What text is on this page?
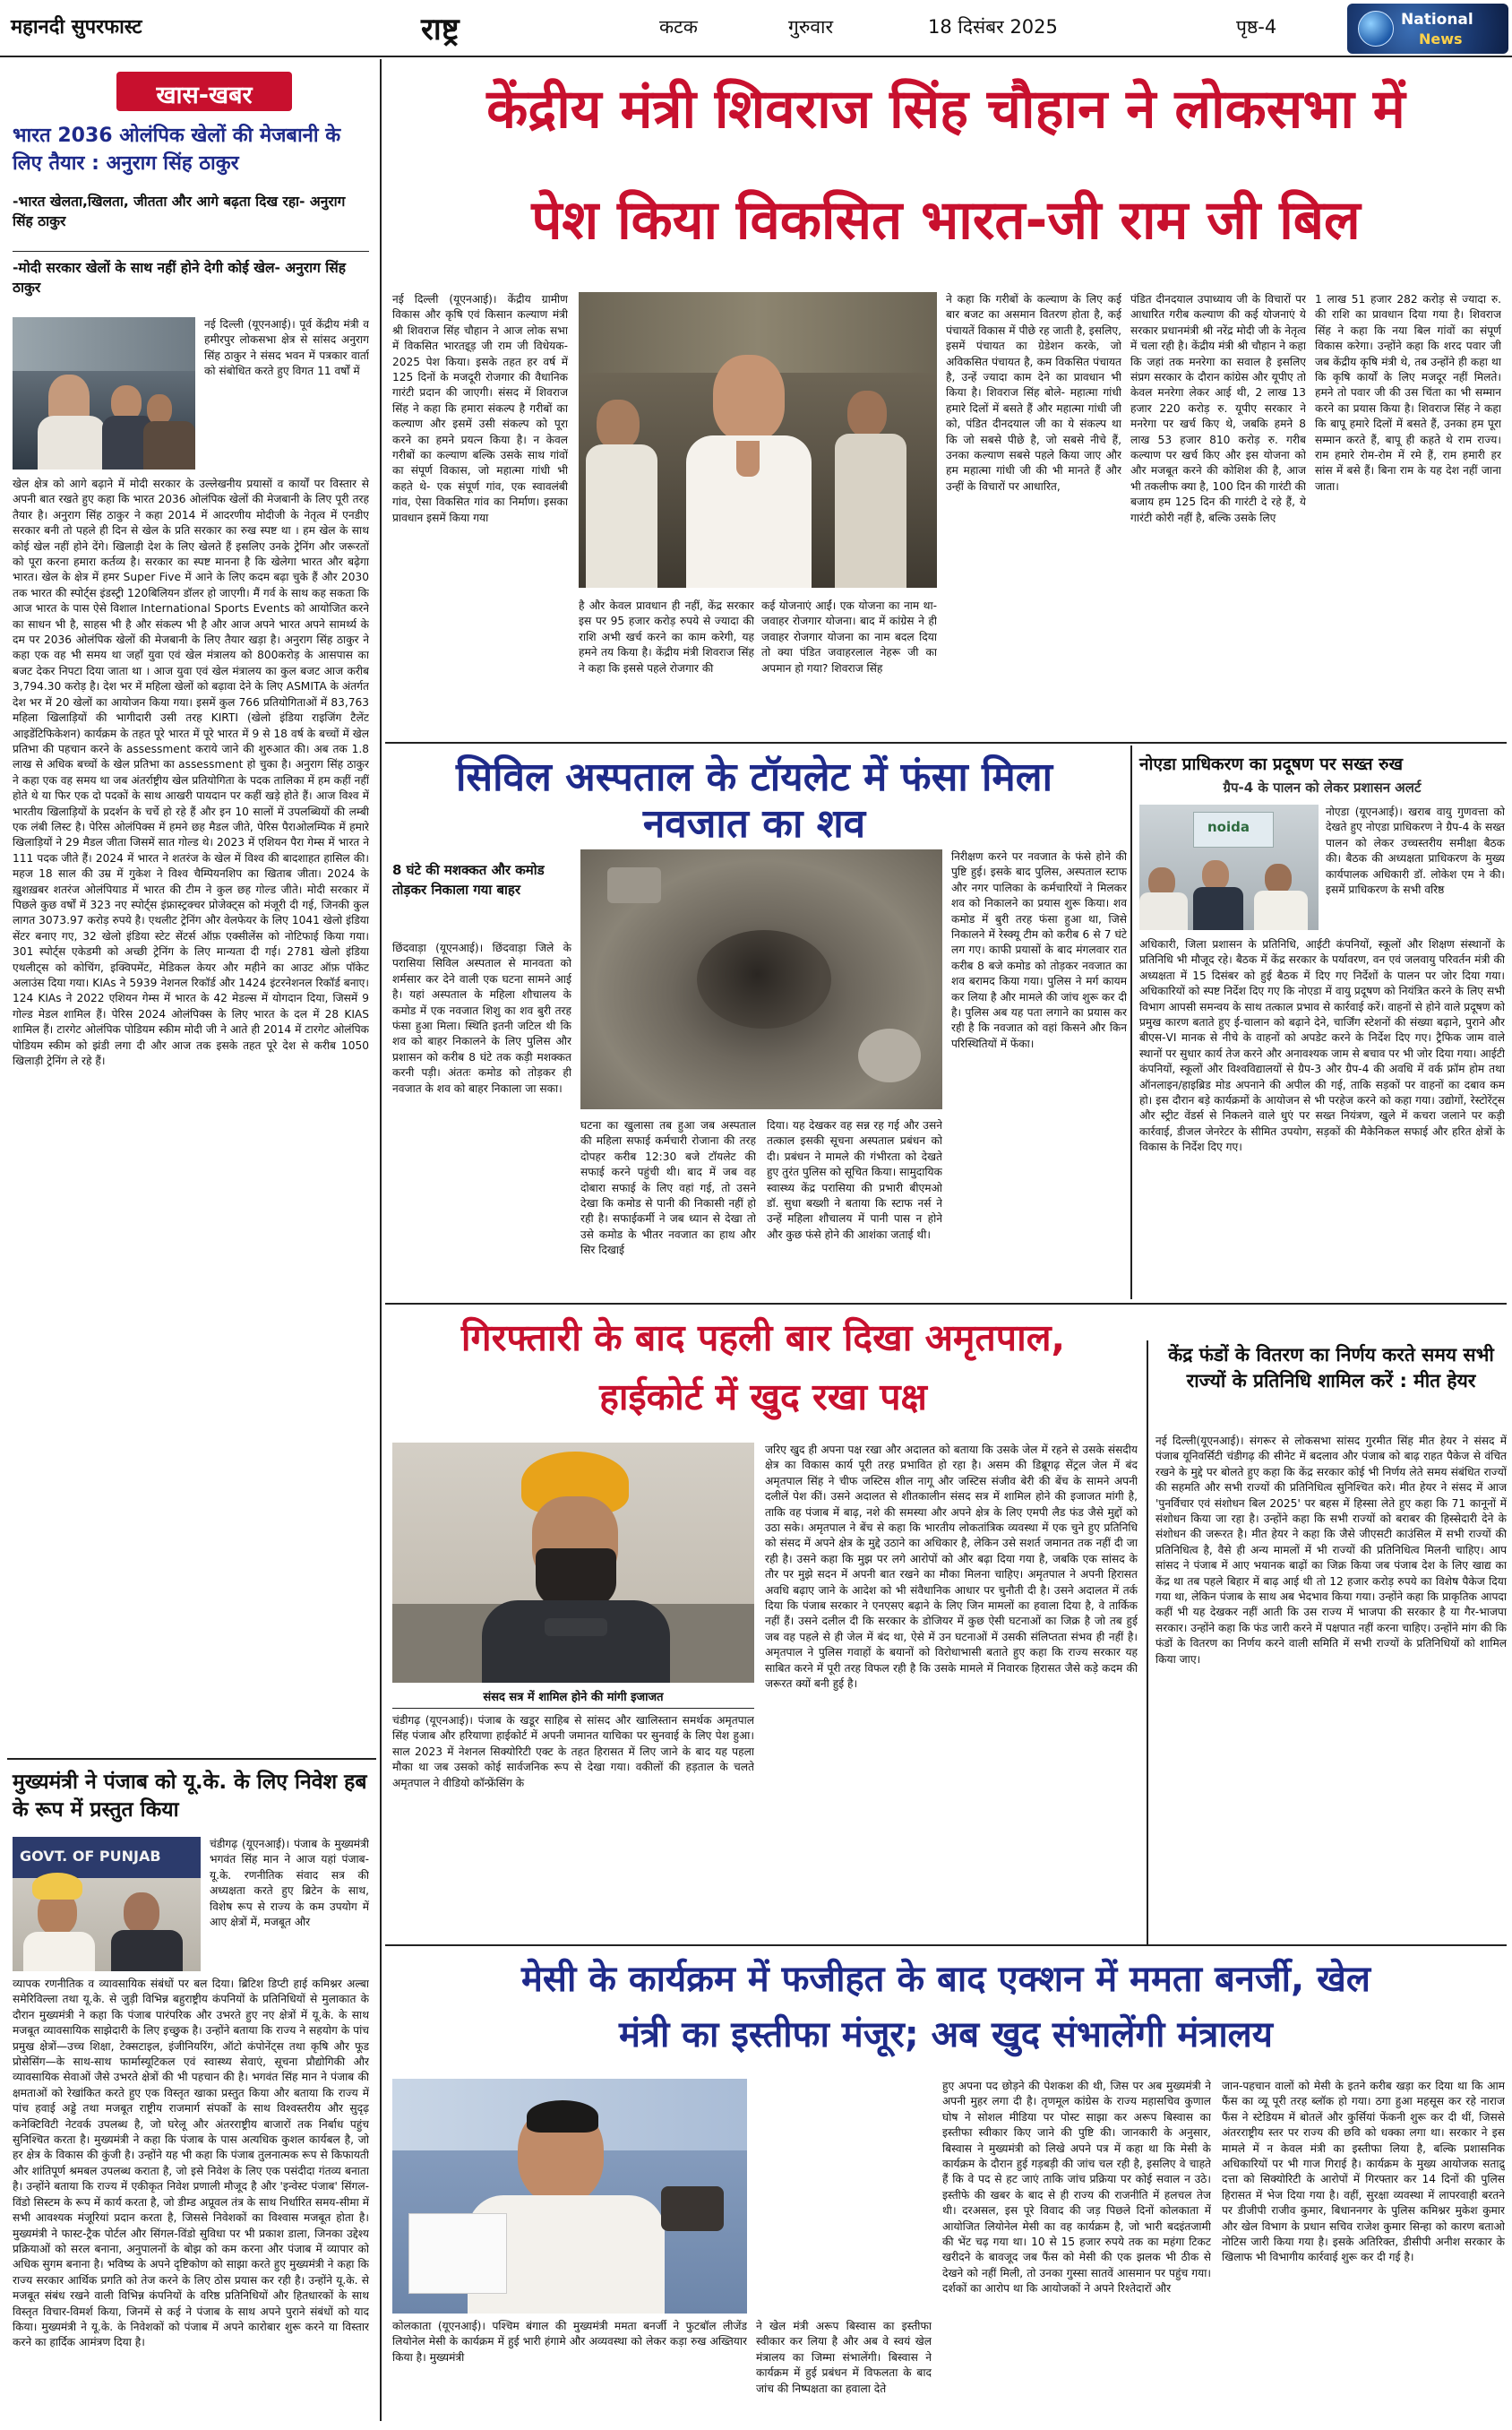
महानदी सुपरफास्ट	राष्ट्र	कटक	गुरुवार	18 दिसंबर 2025	पृष्ठ-4	National
News
खास-खबर
भारत 2036 ओलंपिक खेलों की मेजबानी के लिए तैयार : अनुराग सिंह ठाकुर
-भारत खेलता,खिलता, जीतता और आगे बढ़ता दिख रहा- अनुराग सिंह ठाकुर
-मोदी सरकार खेलों के साथ नहीं होने देगी कोई खेल- अनुराग सिंह ठाकुर
नई दिल्ली (यूएनआई)। पूर्व केंद्रीय मंत्री व हमीरपुर लोकसभा क्षेत्र से सांसद अनुराग सिंह ठाकुर ने संसद भवन में पत्रकार वार्ता को संबोधित करते हुए विगत 11 वर्षों में
खेल क्षेत्र को आगे बढ़ाने में मोदी सरकार के उल्लेखनीय प्रयासों व कार्यों पर विस्तार से अपनी बात रखते हुए कहा कि भारत 2036 ओलंपिक खेलों की मेजबानी के लिए पूरी तरह तैयार है। अनुराग सिंह ठाकुर ने कहा 2014 में आदरणीय मोदीजी के नेतृत्व में एनडीए सरकार बनी तो पहले ही दिन से खेल के प्रति सरकार का रुख स्पष्ट था । हम खेल के साथ कोई खेल नहीं होने देंगे। खिलाड़ी देश के लिए खेलते हैं इसलिए उनके ट्रेनिंग और जरूरतों को पूरा करना हमारा कर्तव्य है। सरकार का स्पष्ट मानना है कि खेलेगा भारत और बढ़ेगा भारत। खेल के क्षेत्र में हमर Super Five में आने के लिए कदम बढ़ा चुके हैं और 2030 तक भारत की स्पोर्ट्स इंडस्ट्री 120बिलियन डॉलर हो जाएगी। मैं गर्व के साथ कह सकता कि आज भारत के पास ऐसे विशाल International Sports Events को आयोजित करने का साधन भी है, साहस भी है और संकल्प भी है और आज अपने भारत अपने सामर्थ्य के दम पर 2036 ओलंपिक खेलों की मेजबानी के लिए तैयार खड़ा है। अनुराग सिंह ठाकुर ने कहा एक वह भी समय था जहाँ युवा एवं खेल मंत्रालय को 800करोड़ के आसपास का बजट देकर निपटा दिया जाता था । आज युवा एवं खेल मंत्रालय का कुल बजट आज करीब 3,794.30 करोड़ है। देश भर में महिला खेलों को बढ़ावा देने के लिए ASMITA के अंतर्गत देश भर में 20 खेलों का आयोजन किया गया। इसमें कुल 766 प्रतियोगिताओं में 83,763 महिला खिलाड़ियों की भागीदारी उसी तरह KIRTI (खेलो इंडिया राइजिंग टैलेंट आइडेंटिफिकेशन) कार्यक्रम के तहत पूरे भारत में पूरे भारत में 9 से 18 वर्ष के बच्चों में खेल प्रतिभा की पहचान करने के assessment कराये जाने की शुरुआत की। अब तक 1.8 लाख से अधिक बच्चों के खेल प्रतिभा का assessment हो चुका है। अनुराग सिंह ठाकुर ने कहा एक वह समय था जब अंतर्राष्ट्रीय खेल प्रतियोगिता के पदक तालिका में हम कहीं नहीं होते थे या फिर एक दो पदकों के साथ आखरी पायदान पर कहीं खड़े होते हैं। आज विश्व में भारतीय खिलाड़ियों के प्रदर्शन के चर्चे हो रहे हैं और इन 10 सालों में उपलब्धियों की लम्बी एक लंबी लिस्ट है। पेरिस ओलंपिक्स में हमने छह मैडल जीते, पेरिस पैराओलम्पिक में हमारे खिलाड़ियों ने 29 मैडल जीता जिसमें सात गोल्ड थे। 2023 में एशियन पैरा गेम्स में भारत ने 111 पदक जीते हैं। 2024 में भारत ने शतरंज के खेल में विश्व की बादशाहत हासिल की। महज 18 साल की उम्र में गुकेश ने विश्व चैम्पियनशिप का खिताब जीता। 2024 के ख़ुशख़बर शतरंज ओलंपियाड में भारत की टीम ने कुल छह गोल्ड जीते। मोदी सरकार में पिछले कुछ वर्षों में 323 नए स्पोर्ट्स इंफ्रास्ट्रक्चर प्रोजेक्ट्स को मंजूरी दी गई, जिनकी कुल लागत 3073.97 करोड़ रुपये है। एथलीट ट्रेनिंग और वेलफेयर के लिए 1041 खेलो इंडिया सेंटर बनाए गए, 32 खेलो इंडिया स्टेट सेंटर्स ऑफ़ एक्सीलेंस को नोटिफाई किया गया। 301 स्पोर्ट्स एकेडमी को अच्छी ट्रेनिंग के लिए मान्यता दी गई। 2781 खेलो इंडिया एथलीट्स को कोचिंग, इक्विपमेंट, मेडिकल केयर और महीने का आउट ऑफ़ पॉकेट अलाउंस दिया गया। KIAs ने 5939 नेशनल रिकॉर्ड और 1424 इंटरनेशनल रिकॉर्ड बनाए। 124 KIAs ने 2022 एशियन गेम्स में भारत के 42 मेडल्स में योगदान दिया, जिसमें 9 गोल्ड मेडल शामिल हैं। पेरिस 2024 ओलंपिक्स के लिए भारत के दल में 28 KIAS शामिल हैं। टारगेट ओलंपिक पोडियम स्कीम मोदी जी ने आते ही 2014 में टारगेट ओलंपिक पोडियम स्कीम को झंडी लगा दी और आज तक इसके तहत पूरे देश से करीब 1050 खिलाड़ी ट्रेनिंग ले रहे हैं।
मुख्यमंत्री ने पंजाब को यू.के. के लिए निवेश हब के रूप में प्रस्तुत किया
GOVT. OF PUNJAB
चंडीगढ़ (यूएनआई)। पंजाब के मुख्यमंत्री भगवंत सिंह मान ने आज यहां पंजाब-यू.के. रणनीतिक संवाद सत्र की अध्यक्षता करते हुए ब्रिटेन के साथ, विशेष रूप से राज्य के कम उपयोग में आए क्षेत्रों में, मजबूत और
व्यापक रणनीतिक व व्यावसायिक संबंधों पर बल दिया। ब्रिटिश डिप्टी हाई कमिश्नर अल्बा समेरिविल्ला तथा यू.के. से जुड़ी विभिन्न बहुराष्ट्रीय कंपनियों के प्रतिनिधियों से मुलाकात के दौरान मुख्यमंत्री ने कहा कि पंजाब पारंपरिक और उभरते हुए नए क्षेत्रों में यू.के. के साथ मजबूत व्यावसायिक साझेदारी के लिए इच्छुक है। उन्होंने बताया कि राज्य ने सहयोग के पांच प्रमुख क्षेत्रों—उच्च शिक्षा, टेक्सटाइल, इंजीनियरिंग, ऑटो कंपोनेंट्स तथा कृषि और फूड प्रोसेसिंग—के साथ-साथ फार्मास्यूटिकल एवं स्वास्थ्य सेवाएं, सूचना प्रौद्योगिकी और व्यावसायिक सेवाओं जैसे उभरते क्षेत्रों की भी पहचान की है। भगवंत सिंह मान ने पंजाब की क्षमताओं को रेखांकित करते हुए एक विस्तृत खाका प्रस्तुत किया और बताया कि राज्य में पांच हवाई अड्डे तथा मजबूत राष्ट्रीय राजमार्ग संपर्कों के साथ विश्वस्तरीय और सुदृढ़ कनेक्टिविटी नेटवर्क उपलब्ध है, जो घरेलू और अंतरराष्ट्रीय बाजारों तक निर्बाध पहुंच सुनिश्चित करता है। मुख्यमंत्री ने कहा कि पंजाब के पास अत्यधिक कुशल कार्यबल है, जो हर क्षेत्र के विकास की कुंजी है। उन्होंने यह भी कहा कि पंजाब तुलनात्मक रूप से किफायती और शांतिपूर्ण श्रमबल उपलब्ध कराता है, जो इसे निवेश के लिए एक पसंदीदा गंतव्य बनाता है। उन्होंने बताया कि राज्य में एकीकृत निवेश प्रणाली मौजूद है और 'इन्वेस्ट पंजाब' सिंगल-विंडो सिस्टम के रूप में कार्य करता है, जो डीम्ड अप्रूवल तंत्र के साथ निर्धारित समय-सीमा में सभी आवश्यक मंजूरियां प्रदान करता है, जिससे निवेशकों का विश्वास मजबूत होता है। मुख्यमंत्री ने फास्ट-ट्रैक पोर्टल और सिंगल-विंडो सुविधा पर भी प्रकाश डाला, जिनका उद्देश्य प्रक्रियाओं को सरल बनाना, अनुपालनों के बोझ को कम करना और पंजाब में व्यापार को अधिक सुगम बनाना है। भविष्य के अपने दृष्टिकोण को साझा करते हुए मुख्यमंत्री ने कहा कि राज्य सरकार आर्थिक प्रगति को तेज करने के लिए ठोस प्रयास कर रही है। उन्होंने यू.के. से मजबूत संबंध रखने वाली विभिन्न कंपनियों के वरिष्ठ प्रतिनिधियों और हितधारकों के साथ विस्तृत विचार-विमर्श किया, जिनमें से कई ने पंजाब के साथ अपने पुराने संबंधों को याद किया। मुख्यमंत्री ने यू.के. के निवेशकों को पंजाब में अपने कारोबार शुरू करने या विस्तार करने का हार्दिक आमंत्रण दिया है।
केंद्रीय मंत्री शिवराज सिंह चौहान ने लोकसभा में
पेश किया विकसित भारत-जी राम जी बिल
नई दिल्ली (यूएनआई)। केंद्रीय ग्रामीण विकास और कृषि एवं किसान कल्याण मंत्री श्री शिवराज सिंह चौहान ने आज लोक सभा में विकसित भारतइ्ड़ जी राम जी विधेयक- 2025 पेश किया। इसके तहत हर वर्ष में 125 दिनों के मजदूरी रोजगार की वैधानिक गारंटी प्रदान की जाएगी। संसद में शिवराज सिंह ने कहा कि हमारा संकल्प है गरीबों का कल्याण और इसमें उसी संकल्प को पूरा करने का हमने प्रयत्न किया है। न केवल गरीबों का कल्याण बल्कि उसके साथ गांवों का संपूर्ण विकास, जो महात्मा गांधी भी कहते थे- एक संपूर्ण गांव, एक स्वावलंबी गांव, ऐसा विकसित गांव का निर्माण। इसका प्रावधान इसमें किया गया
है और केवल प्रावधान ही नहीं, केंद्र सरकार इस पर 95 हजार करोड़ रुपये से ज्यादा की राशि अभी खर्च करने का काम करेगी, यह हमने तय किया है। केंद्रीय मंत्री शिवराज सिंह ने कहा कि इससे पहले रोजगार की
कई योजनाएं आईं। एक योजना का नाम था- जवाहर रोजगार योजना। बाद में कांग्रेस ने ही जवाहर रोजगार योजना का नाम बदल दिया तो क्या पंडित जवाहरलाल नेहरू जी का अपमान हो गया? शिवराज सिंह
ने कहा कि गरीबों के कल्याण के लिए कई बार बजट का असमान वितरण होता है, कई पंचायतें विकास में पीछे रह जाती है, इसलिए, इसमें पंचायत का ग्रेडेशन करके, जो अविकसित पंचायत है, कम विकसित पंचायत है, उन्हें ज्यादा काम देने का प्रावधान भी किया है। शिवराज सिंह बोले- महात्मा गांधी हमारे दिलों में बसते हैं और महात्मा गांधी जी को, पंडित दीनदयाल जी का ये संकल्प था कि जो सबसे पीछे है, जो सबसे नीचे हैं, उनका कल्याण सबसे पहले किया जाए और हम महात्मा गांधी जी की भी मानते हैं और उन्हीं के विचारों पर आधारित,
पंडित दीनदयाल उपाध्याय जी के विचारों पर आधारित गरीब कल्याण की कई योजनाएं ये सरकार प्रधानमंत्री श्री नरेंद्र मोदी जी के नेतृत्व में चला रही है। केंद्रीय मंत्री श्री चौहान ने कहा कि जहां तक मनरेगा का सवाल है इसलिए संप्रग सरकार के दौरान कांग्रेस और यूपीए तो केवल मनरेगा लेकर आई थी, 2 लाख 13 हजार 220 करोड़ रु. यूपीए सरकार ने मनरेगा पर खर्च किए थे, जबकि हमने 8 लाख 53 हजार 810 करोड़ रु. गरीब कल्याण पर खर्च किए और इस योजना को और मजबूत करने की कोशिश की है, आज भी तकलीफ क्या है, 100 दिन की गारंटी की बजाय हम 125 दिन की गारंटी दे रहे हैं, ये गारंटी कोरी नहीं है, बल्कि उसके लिए
1 लाख 51 हजार 282 करोड़ से ज्यादा रु. की राशि का प्रावधान दिया गया है। शिवराज सिंह ने कहा कि नया बिल गांवों का संपूर्ण विकास करेगा। उन्होंने कहा कि शरद पवार जी जब केंद्रीय कृषि मंत्री थे, तब उन्होंने ही कहा था कि कृषि कार्यों के लिए मजदूर नहीं मिलते। हमने तो पवार जी की उस चिंता का भी सम्मान करने का प्रयास किया है। शिवराज सिंह ने कहा कि बापू हमारे दिलों में बसते हैं, उनका हम पूरा सम्मान करते हैं, बापू ही कहते थे राम राज्य। राम हमारे रोम-रोम में रमे हैं, राम हमारी हर सांस में बसे हैं। बिना राम के यह देश नहीं जाना जाता।
सिविल अस्पताल के टॉयलेट में फंसा मिला
नवजात का शव
8 घंटे की मशक्कत और कमोड तोड़कर निकाला गया बाहर
छिंदवाड़ा (यूएनआई)। छिंदवाड़ा जिले के परासिया सिविल अस्पताल से मानवता को शर्मसार कर देने वाली एक घटना सामने आई है। यहां अस्पताल के महिला शौचालय के कमोड में एक नवजात शिशु का शव बुरी तरह फंसा हुआ मिला। स्थिति इतनी जटिल थी कि शव को बाहर निकालने के लिए पुलिस और प्रशासन को करीब 8 घंटे तक कड़ी मशक्कत करनी पड़ी। अंततः कमोड को तोड़कर ही नवजात के शव को बाहर निकाला जा सका।
घटना का खुलासा तब हुआ जब अस्पताल की महिला सफाई कर्मचारी रोजाना की तरह दोपहर करीब 12:30 बजे टॉयलेट की सफाई करने पहुंची थी। बाद में जब वह दोबारा सफाई के लिए वहां गई, तो उसने देखा कि कमोड से पानी की निकासी नहीं हो रही है। सफाईकर्मी ने जब ध्यान से देखा तो उसे कमोड के भीतर नवजात का हाथ और सिर दिखाई
दिया। यह देखकर वह सन्न रह गई और उसने तत्काल इसकी सूचना अस्पताल प्रबंधन को दी। प्रबंधन ने मामले की गंभीरता को देखते हुए तुरंत पुलिस को सूचित किया। सामुदायिक स्वास्थ्य केंद्र परासिया की प्रभारी बीएमओ डॉ. सुधा बख्शी ने बताया कि स्टाफ नर्स ने उन्हें महिला शौचालय में पानी पास न होने और कुछ फंसे होने की आशंका जताई थी।
निरीक्षण करने पर नवजात के फंसे होने की पुष्टि हुई। इसके बाद पुलिस, अस्पताल स्टाफ और नगर पालिका के कर्मचारियों ने मिलकर शव को निकालने का प्रयास शुरू किया। शव कमोड में बुरी तरह फंसा हुआ था, जिसे निकालने में रेस्क्यू टीम को करीब 6 से 7 घंटे लग गए। काफी प्रयासों के बाद मंगलवार रात करीब 8 बजे कमोड को तोड़कर नवजात का शव बरामद किया गया। पुलिस ने मर्ग कायम कर लिया है और मामले की जांच शुरू कर दी है। पुलिस अब यह पता लगाने का प्रयास कर रही है कि नवजात को वहां किसने और किन परिस्थितियों में फेंका।
नोएडा प्राधिकरण का प्रदूषण पर सख्त रुख
ग्रैप-4 के पालन को लेकर प्रशासन अलर्ट
noida
नोएडा (यूएनआई)। खराब वायु गुणवत्ता को देखते हुए नोएडा प्राधिकरण ने ग्रैप-4 के सख्त पालन को लेकर उच्चस्तरीय समीक्षा बैठक की। बैठक की अध्यक्षता प्राधिकरण के मुख्य कार्यपालक अधिकारी डॉ. लोकेश एम ने की। इसमें प्राधिकरण के सभी वरिष्ठ
अधिकारी, जिला प्रशासन के प्रतिनिधि, आईटी कंपनियों, स्कूलों और शिक्षण संस्थानों के प्रतिनिधि भी मौजूद रहे। बैठक में केंद्र सरकार के पर्यावरण, वन एवं जलवायु परिवर्तन मंत्री की अध्यक्षता में 15 दिसंबर को हुई बैठक में दिए गए निर्देशों के पालन पर जोर दिया गया। अधिकारियों को स्पष्ट निर्देश दिए गए कि नोएडा में वायु प्रदूषण को नियंत्रित करने के लिए सभी विभाग आपसी समन्वय के साथ तत्काल प्रभाव से कार्रवाई करें। वाहनों से होने वाले प्रदूषण को प्रमुख कारण बताते हुए ई-चालान को बढ़ाने देने, चार्जिंग स्टेशनों की संख्या बढ़ाने, पुराने और बीएस-VI मानक से नीचे के वाहनों को अपडेट करने के निर्देश दिए गए। ट्रैफिक जाम वाले स्थानों पर सुधार कार्य तेज करने और अनावश्यक जाम से बचाव पर भी जोर दिया गया। आईटी कंपनियों, स्कूलों और विश्वविद्यालयों से ग्रैप-3 और ग्रैप-4 की अवधि में वर्क फ्रॉम होम तथा ऑनलाइन/हाइब्रिड मोड अपनाने की अपील की गई, ताकि सड़कों पर वाहनों का दबाव कम हो। इस दौरान बड़े कार्यक्रमों के आयोजन से भी परहेज करने को कहा गया। उद्योगों, रेस्टोरेंट्स और स्ट्रीट वेंडर्स से निकलने वाले धुएं पर सख्त नियंत्रण, खुले में कचरा जलाने पर कड़ी कार्रवाई, डीजल जेनरेटर के सीमित उपयोग, सड़कों की मैकेनिकल सफाई और हरित क्षेत्रों के विकास के निर्देश दिए गए।
गिरफ्तारी के बाद पहली बार दिखा अमृतपाल,
हाईकोर्ट में खुद रखा पक्ष
संसद सत्र में शामिल होने की मांगी इजाजत
चंडीगढ़ (यूएनआई)। पंजाब के खडूर साहिब से सांसद और खालिस्तान समर्थक अमृतपाल सिंह पंजाब और हरियाणा हाईकोर्ट में अपनी जमानत याचिका पर सुनवाई के लिए पेश हुआ। साल 2023 में नेशनल सिक्योरिटी एक्ट के तहत हिरासत में लिए जाने के बाद यह पहला मौका था जब उसको कोई सार्वजनिक रूप से देखा गया। वकीलों की हड़ताल के चलते अमृतपाल ने वीडियो कॉन्फ्रेंसिंग के
जरिए खुद ही अपना पक्ष रखा और अदालत को बताया कि उसके जेल में रहने से उसके संसदीय क्षेत्र का विकास कार्य पूरी तरह प्रभावित हो रहा है। असम की डिब्रूगढ़ सेंट्रल जेल में बंद अमृतपाल सिंह ने चीफ जस्टिस शील नागू और जस्टिस संजीव बेरी की बेंच के सामने अपनी दलीलें पेश कीं। उसने अदालत से शीतकालीन संसद सत्र में शामिल होने की इजाजत मांगी है, ताकि वह पंजाब में बाढ़, नशे की समस्या और अपने क्षेत्र के लिए एमपी लैड फंड जैसे मुद्दों को उठा सके। अमृतपाल ने बेंच से कहा कि भारतीय लोकतांत्रिक व्यवस्था में एक चुने हुए प्रतिनिधि को संसद में अपने क्षेत्र के मुद्दे उठाने का अधिकार है, लेकिन उसे सशर्त जमानत तक नहीं दी जा रही है। उसने कहा कि मुझ पर लगे आरोपों को और बढ़ा दिया गया है, जबकि एक सांसद के तौर पर मुझे सदन में अपनी बात रखने का मौका मिलना चाहिए। अमृतपाल ने अपनी हिरासत अवधि बढ़ाए जाने के आदेश को भी संवैधानिक आधार पर चुनौती दी है। उसने अदालत में तर्क दिया कि पंजाब सरकार ने एनएसए बढ़ाने के लिए जिन मामलों का हवाला दिया है, वे तार्किक नहीं हैं। उसने दलील दी कि सरकार के डोजियर में कुछ ऐसी घटनाओं का जिक्र है जो तब हुई जब वह पहले से ही जेल में बंद था, ऐसे में उन घटनाओं में उसकी संलिप्तता संभव ही नहीं है। अमृतपाल ने पुलिस गवाहों के बयानों को विरोधाभासी बताते हुए कहा कि राज्य सरकार यह साबित करने में पूरी तरह विफल रही है कि उसके मामले में निवारक हिरासत जैसे कड़े कदम की जरूरत क्यों बनी हुई है।
केंद्र फंडों के वितरण का निर्णय करते समय सभी राज्यों के प्रतिनिधि शामिल करें : मीत हेयर
नई दिल्ली(यूएनआई)। संगरूर से लोकसभा सांसद गुरमीत सिंह मीत हेयर ने संसद में पंजाब यूनिवर्सिटी चंडीगढ़ की सीनेट में बदलाव और पंजाब को बाढ़ राहत पैकेज से वंचित रखने के मुद्दे पर बोलते हुए कहा कि केंद्र सरकार कोई भी निर्णय लेते समय संबंधित राज्यों की सहमति और सभी राज्यों की प्रतिनिधित्व सुनिश्चित करे। मीत हेयर ने संसद में आज 'पुनर्विचार एवं संशोधन बिल 2025' पर बहस में हिस्सा लेते हुए कहा कि 71 कानूनों में संशोधन किया जा रहा है। उन्होंने कहा कि सभी राज्यों को बराबर की हिस्सेदारी देने के संशोधन की जरूरत है। मीत हेयर ने कहा कि जैसे जीएसटी काउंसिल में सभी राज्यों की प्रतिनिधित्व है, वैसे ही अन्य मामलों में भी राज्यों की प्रतिनिधित्व मिलनी चाहिए। आप सांसद ने पंजाब में आए भयानक बाढ़ों का जिक्र किया जब पंजाब देश के लिए खाद्य का केंद्र था तब पहले बिहार में बाढ़ आई थी तो 12 हजार करोड़ रुपये का विशेष पैकेज दिया गया था, लेकिन पंजाब के साथ अब भेदभाव किया गया। उन्होंने कहा कि प्राकृतिक आपदा कहीं भी यह देखकर नहीं आती कि उस राज्य में भाजपा की सरकार है या गैर-भाजपा सरकार। उन्होंने कहा कि फंड जारी करने में पक्षपात नहीं करना चाहिए। उन्होंने मांग की कि फंडों के वितरण का निर्णय करने वाली समिति में सभी राज्यों के प्रतिनिधियों को शामिल किया जाए।
मेसी के कार्यक्रम में फजीहत के बाद एक्शन में ममता बनर्जी, खेल
मंत्री का इस्तीफा मंजूर; अब खुद संभालेंगी मंत्रालय
कोलकाता (यूएनआई)। पश्चिम बंगाल की मुख्यमंत्री ममता बनर्जी ने फुटबॉल लीजेंड लियोनेल मेसी के कार्यक्रम में हुई भारी हंगामे और अव्यवस्था को लेकर कड़ा रुख अख्तियार किया है। मुख्यमंत्री
ने खेल मंत्री अरूप बिस्वास का इस्तीफा स्वीकार कर लिया है और अब वे स्वयं खेल मंत्रालय का जिम्मा संभालेंगी। बिस्वास ने कार्यक्रम में हुई प्रबंधन में विफलता के बाद जांच की निष्पक्षता का हवाला देते
हुए अपना पद छोड़ने की पेशकश की थी, जिस पर अब मुख्यमंत्री ने अपनी मुहर लगा दी है। तृणमूल कांग्रेस के राज्य महासचिव कुणाल घोष ने सोशल मीडिया पर पोस्ट साझा कर अरूप बिस्वास का इस्तीफा स्वीकार किए जाने की पुष्टि की। जानकारी के अनुसार, बिस्वास ने मुख्यमंत्री को लिखे अपने पत्र में कहा था कि मेसी के कार्यक्रम के दौरान हुई गड़बड़ी की जांच चल रही है, इसलिए वे चाहते हैं कि वे पद से हट जाएं ताकि जांच प्रक्रिया पर कोई सवाल न उठे। इस्तीफे की खबर के बाद से ही राज्य की राजनीति में हलचल तेज थी। दरअसल, इस पूरे विवाद की जड़ पिछले दिनों कोलकाता में आयोजित लियोनेल मेसी का वह कार्यक्रम है, जो भारी बदइंतजामी की भेंट चढ़ गया था। 10 से 15 हजार रुपये तक का महंगा टिकट खरीदने के बावजूद जब फैंस को मेसी की एक झलक भी ठीक से देखने को नहीं मिली, तो उनका गुस्सा सातवें आसमान पर पहुंच गया। दर्शकों का आरोप था कि आयोजकों ने अपने रिश्तेदारों और
जान-पहचान वालों को मेसी के इतने करीब खड़ा कर दिया था कि आम फैंस का व्यू पूरी तरह ब्लॉक हो गया। ठगा हुआ महसूस कर रहे नाराज फैंस ने स्टेडियम में बोतलें और कुर्सियां फेंकनी शुरू कर दी थीं, जिससे अंतरराष्ट्रीय स्तर पर राज्य की छवि को धक्का लगा था। सरकार ने इस मामले में न केवल मंत्री का इस्तीफा लिया है, बल्कि प्रशासनिक अधिकारियों पर भी गाज गिराई है। कार्यक्रम के मुख्य आयोजक सताद्रु दत्ता को सिक्योरिटी के आरोपों में गिरफ्तार कर 14 दिनों की पुलिस हिरासत में भेज दिया गया है। वहीं, सुरक्षा व्यवस्था में लापरवाही बरतने पर डीजीपी राजीव कुमार, बिधाननगर के पुलिस कमिश्नर मुकेश कुमार और खेल विभाग के प्रधान सचिव राजेश कुमार सिन्हा को कारण बताओ नोटिस जारी किया गया है। इसके अतिरिक्त, डीसीपी अनीश सरकार के खिलाफ भी विभागीय कार्रवाई शुरू कर दी गई है।
